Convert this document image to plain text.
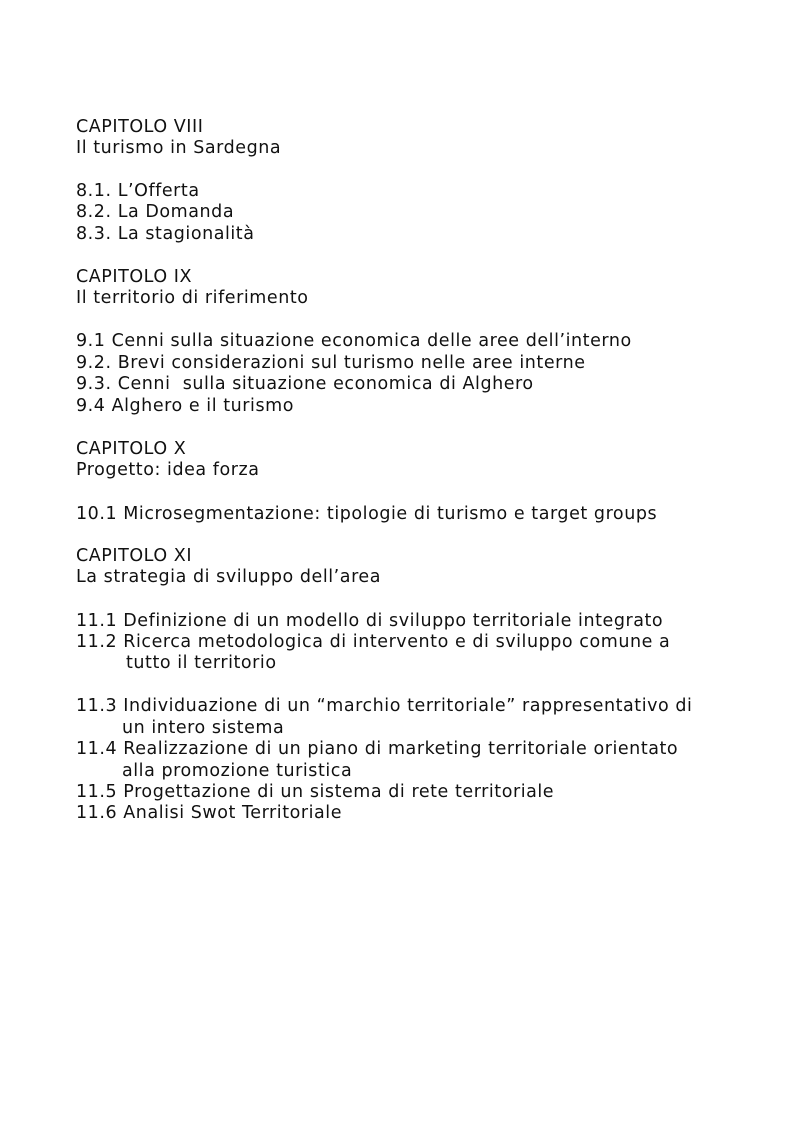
CAPITOLO VIII
Il turismo in Sardegna
8.1. L’Offerta
8.2. La Domanda
8.3. La stagionalità
CAPITOLO IX
Il territorio di riferimento
9.1 Cenni sulla situazione economica delle aree dell’interno
9.2. Brevi considerazioni sul turismo nelle aree interne
9.3. Cenni  sulla situazione economica di Alghero
9.4 Alghero e il turismo
CAPITOLO X
Progetto: idea forza
10.1 Microsegmentazione: tipologie di turismo e target groups
CAPITOLO XI
La strategia di sviluppo dell’area
11.1 Definizione di un modello di sviluppo territoriale integrato
11.2 Ricerca metodologica di intervento e di sviluppo comune a
tutto il territorio
11.3 Individuazione di un “marchio territoriale” rappresentativo di
un intero sistema
11.4 Realizzazione di un piano di marketing territoriale orientato
alla promozione turistica
11.5 Progettazione di un sistema di rete territoriale
11.6 Analisi Swot Territoriale
